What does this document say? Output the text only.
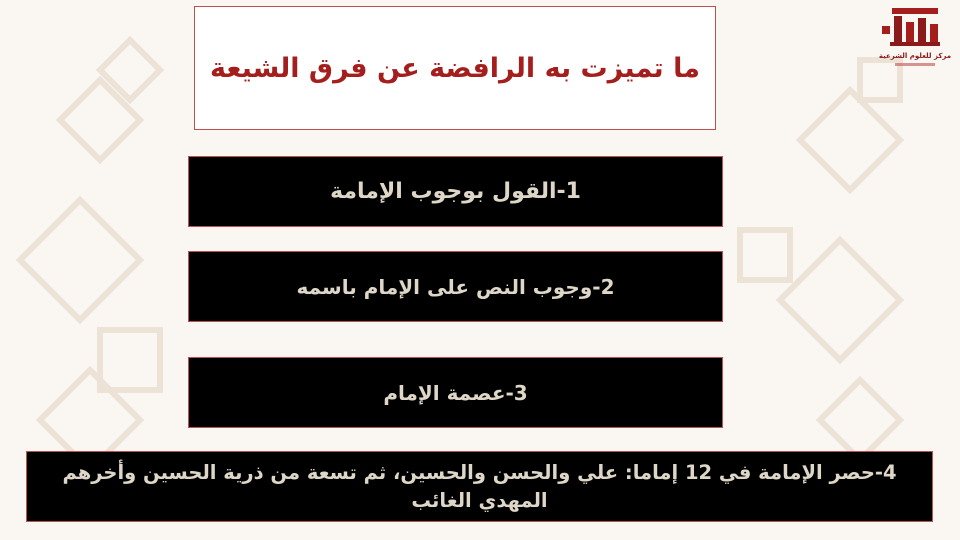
ما تميزت به الرافضة عن فرق الشيعة
1-القول بوجوب الإمامة
2-وجوب النص على الإمام باسمه
3-عصمة الإمام
4-حصر الإمامة في 12 إماما: علي والحسن والحسين، ثم تسعة من ذرية الحسين وأخرهم المهدي الغائب
مركز للعلوم الشرعية
